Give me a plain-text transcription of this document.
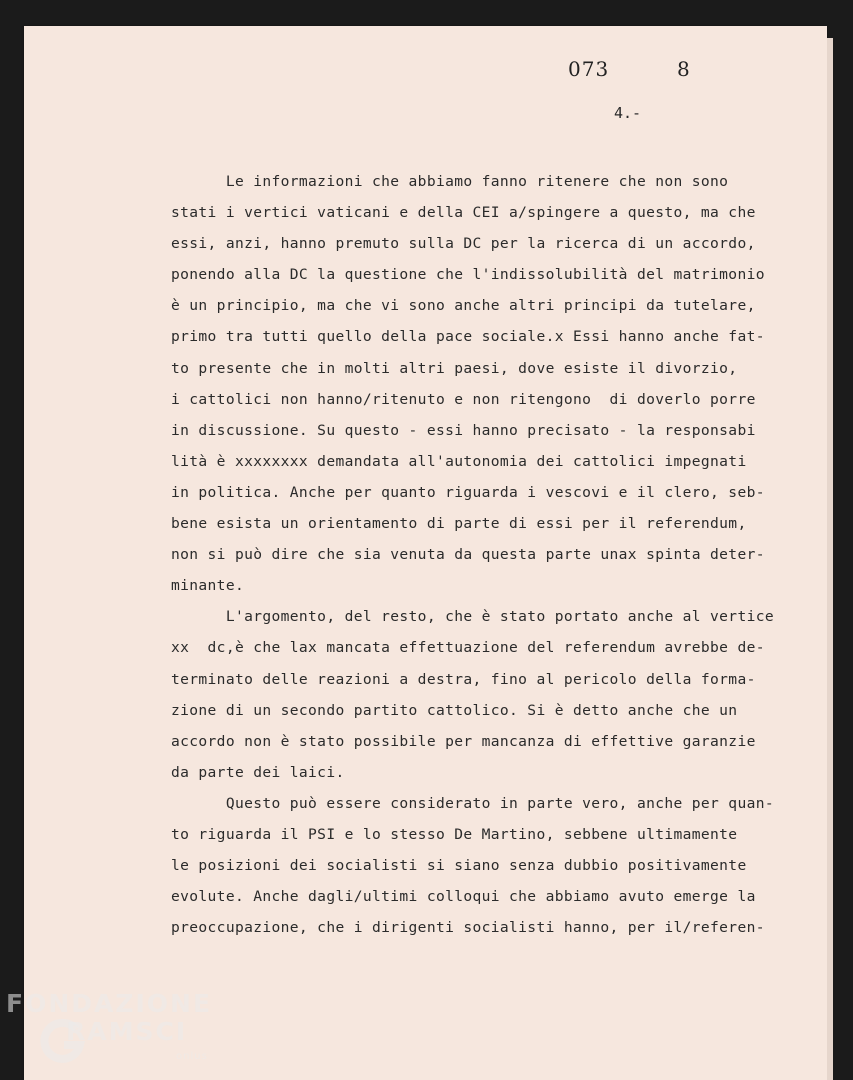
073	8
4.-
Le informazioni che abbiamo fanno ritenere che non sono
stati i vertici vaticani e della CEI a/spingere a questo, ma che
essi, anzi, hanno premuto sulla DC per la ricerca di un accordo,
ponendo alla DC la questione che l'indissolubilità del matrimonio
è un principio, ma che vi sono anche altri principi da tutelare,
primo tra tutti quello della pace sociale.x Essi hanno anche fat-
to presente che in molti altri paesi, dove esiste il divorzio,
i cattolici non hanno/ritenuto e non ritengono  di doverlo porre
in discussione. Su questo - essi hanno precisato - la responsabi
lità è xxxxxxxx demandata all'autonomia dei cattolici impegnati
in politica. Anche per quanto riguarda i vescovi e il clero, seb-
bene esista un orientamento di parte di essi per il referendum,
non si può dire che sia venuta da questa parte unax spinta deter-
minante.
L'argomento, del resto, che è stato portato anche al vertice
xx  dc,è che lax mancata effettuazione del referendum avrebbe de-
terminato delle reazioni a destra, fino al pericolo della forma-
zione di un secondo partito cattolico. Si è detto anche che un
accordo non è stato possibile per mancanza di effettive garanzie
da parte dei laici.
Questo può essere considerato in parte vero, anche per quan-
to riguarda il PSI e lo stesso De Martino, sebbene ultimamente
le posizioni dei socialisti si siano senza dubbio positivamente
evolute. Anche dagli/ultimi colloqui che abbiamo avuto emerge la
preoccupazione, che i dirigenti socialisti hanno, per il/referen-
FONDAZIONE
RAMSCI
onlus
